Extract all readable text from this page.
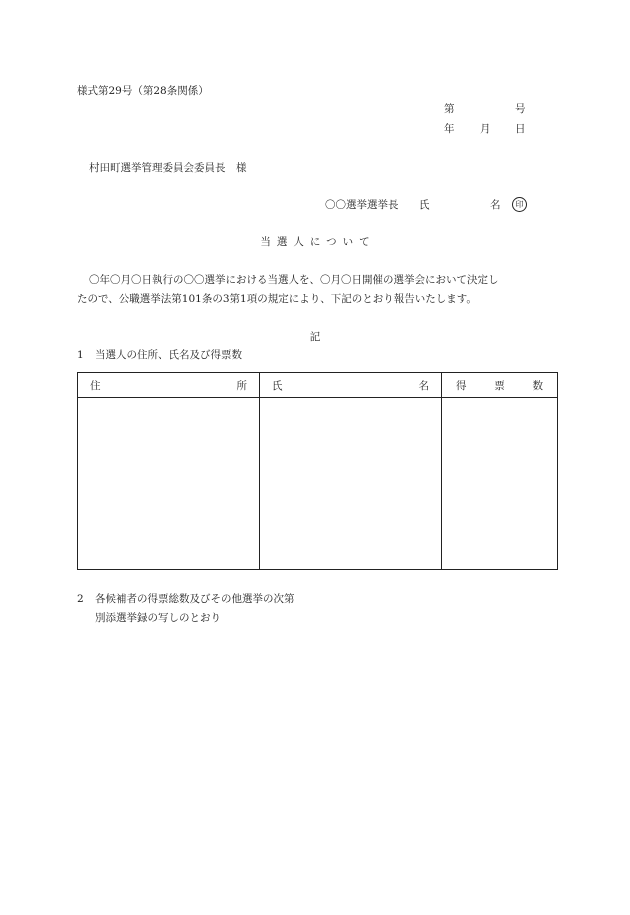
様式第29号（第28条関係）
第	号
年 月 日
村田町選挙管理委員会委員長　様
〇〇選挙選挙長 氏	名	印
当選人について
〇年〇月〇日執行の〇〇選挙における当選人を、〇月〇日開催の選挙会において決定し
たので、公職選挙法第101条の3第1項の規定により、下記のとおり報告いたします。
記
1 当選人の住所、氏名及び得票数
住 所	氏 名	得 票 数

2 各候補者の得票総数及びその他選挙の次第
別添選挙録の写しのとおり
